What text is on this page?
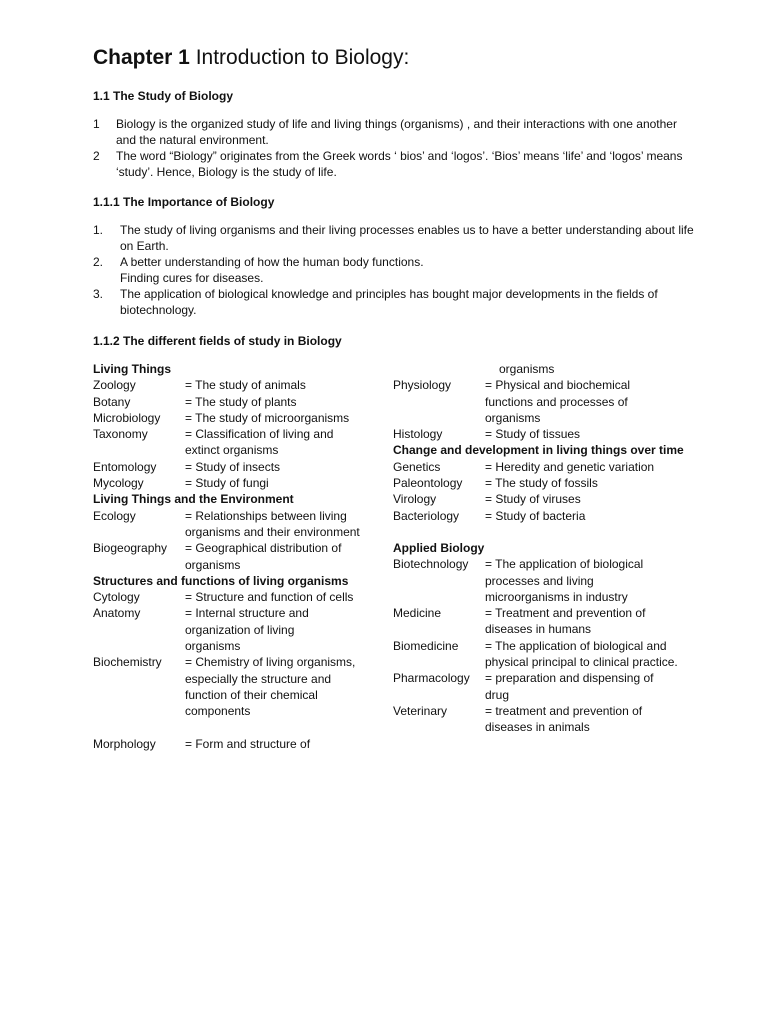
Chapter 1 Introduction to Biology:
1.1 The Study of Biology
1 Biology is the organized study of life and living things (organisms) , and their interactions with one another and the natural environment.
2 The word “Biology” originates from the Greek words ‘ bios’ and ‘logos’. ‘Bios’ means ‘life’ and ‘logos’ means ‘study’. Hence, Biology is the study of life.
1.1.1 The Importance of Biology
1. The study of living organisms and their living processes enables us to have a better understanding about life on Earth.
2. A better understanding of how the human body functions.
Finding cures for diseases.
3. The application of biological knowledge and principles has bought major developments in the fields of biotechnology.
1.1.2 The different fields of study in Biology
Living Things
Zoology	= The study of animals
Botany	= The study of plants
Microbiology	= The study of microorganisms
Taxonomy	= Classification of living and extinct organisms
Entomology	= Study of insects
Mycology	= Study of fungi
Living Things and the Environment
Ecology	= Relationships between living organisms and their environment
Biogeography	= Geographical distribution of organisms
Structures and functions of living organisms
Cytology	= Structure and function of cells
Anatomy	= Internal structure and organization of living organisms
Biochemistry	= Chemistry of living organisms, especially the structure and function of their chemical components
Morphology	= Form and structure of
organisms
Physiology	= Physical and biochemical functions and processes of organisms
Histology	= Study of tissues
Change and development in living things over time
Genetics	= Heredity and genetic variation
Paleontology	= The study of fossils
Virology	= Study of viruses
Bacteriology	= Study of bacteria
Applied Biology
Biotechnology	= The application of biological processes and living microorganisms in industry
Medicine	= Treatment and prevention of diseases in humans
Biomedicine	= The application of biological and physical principal to clinical practice.
Pharmacology	= preparation and dispensing of drug
Veterinary	= treatment and prevention of diseases in animals
